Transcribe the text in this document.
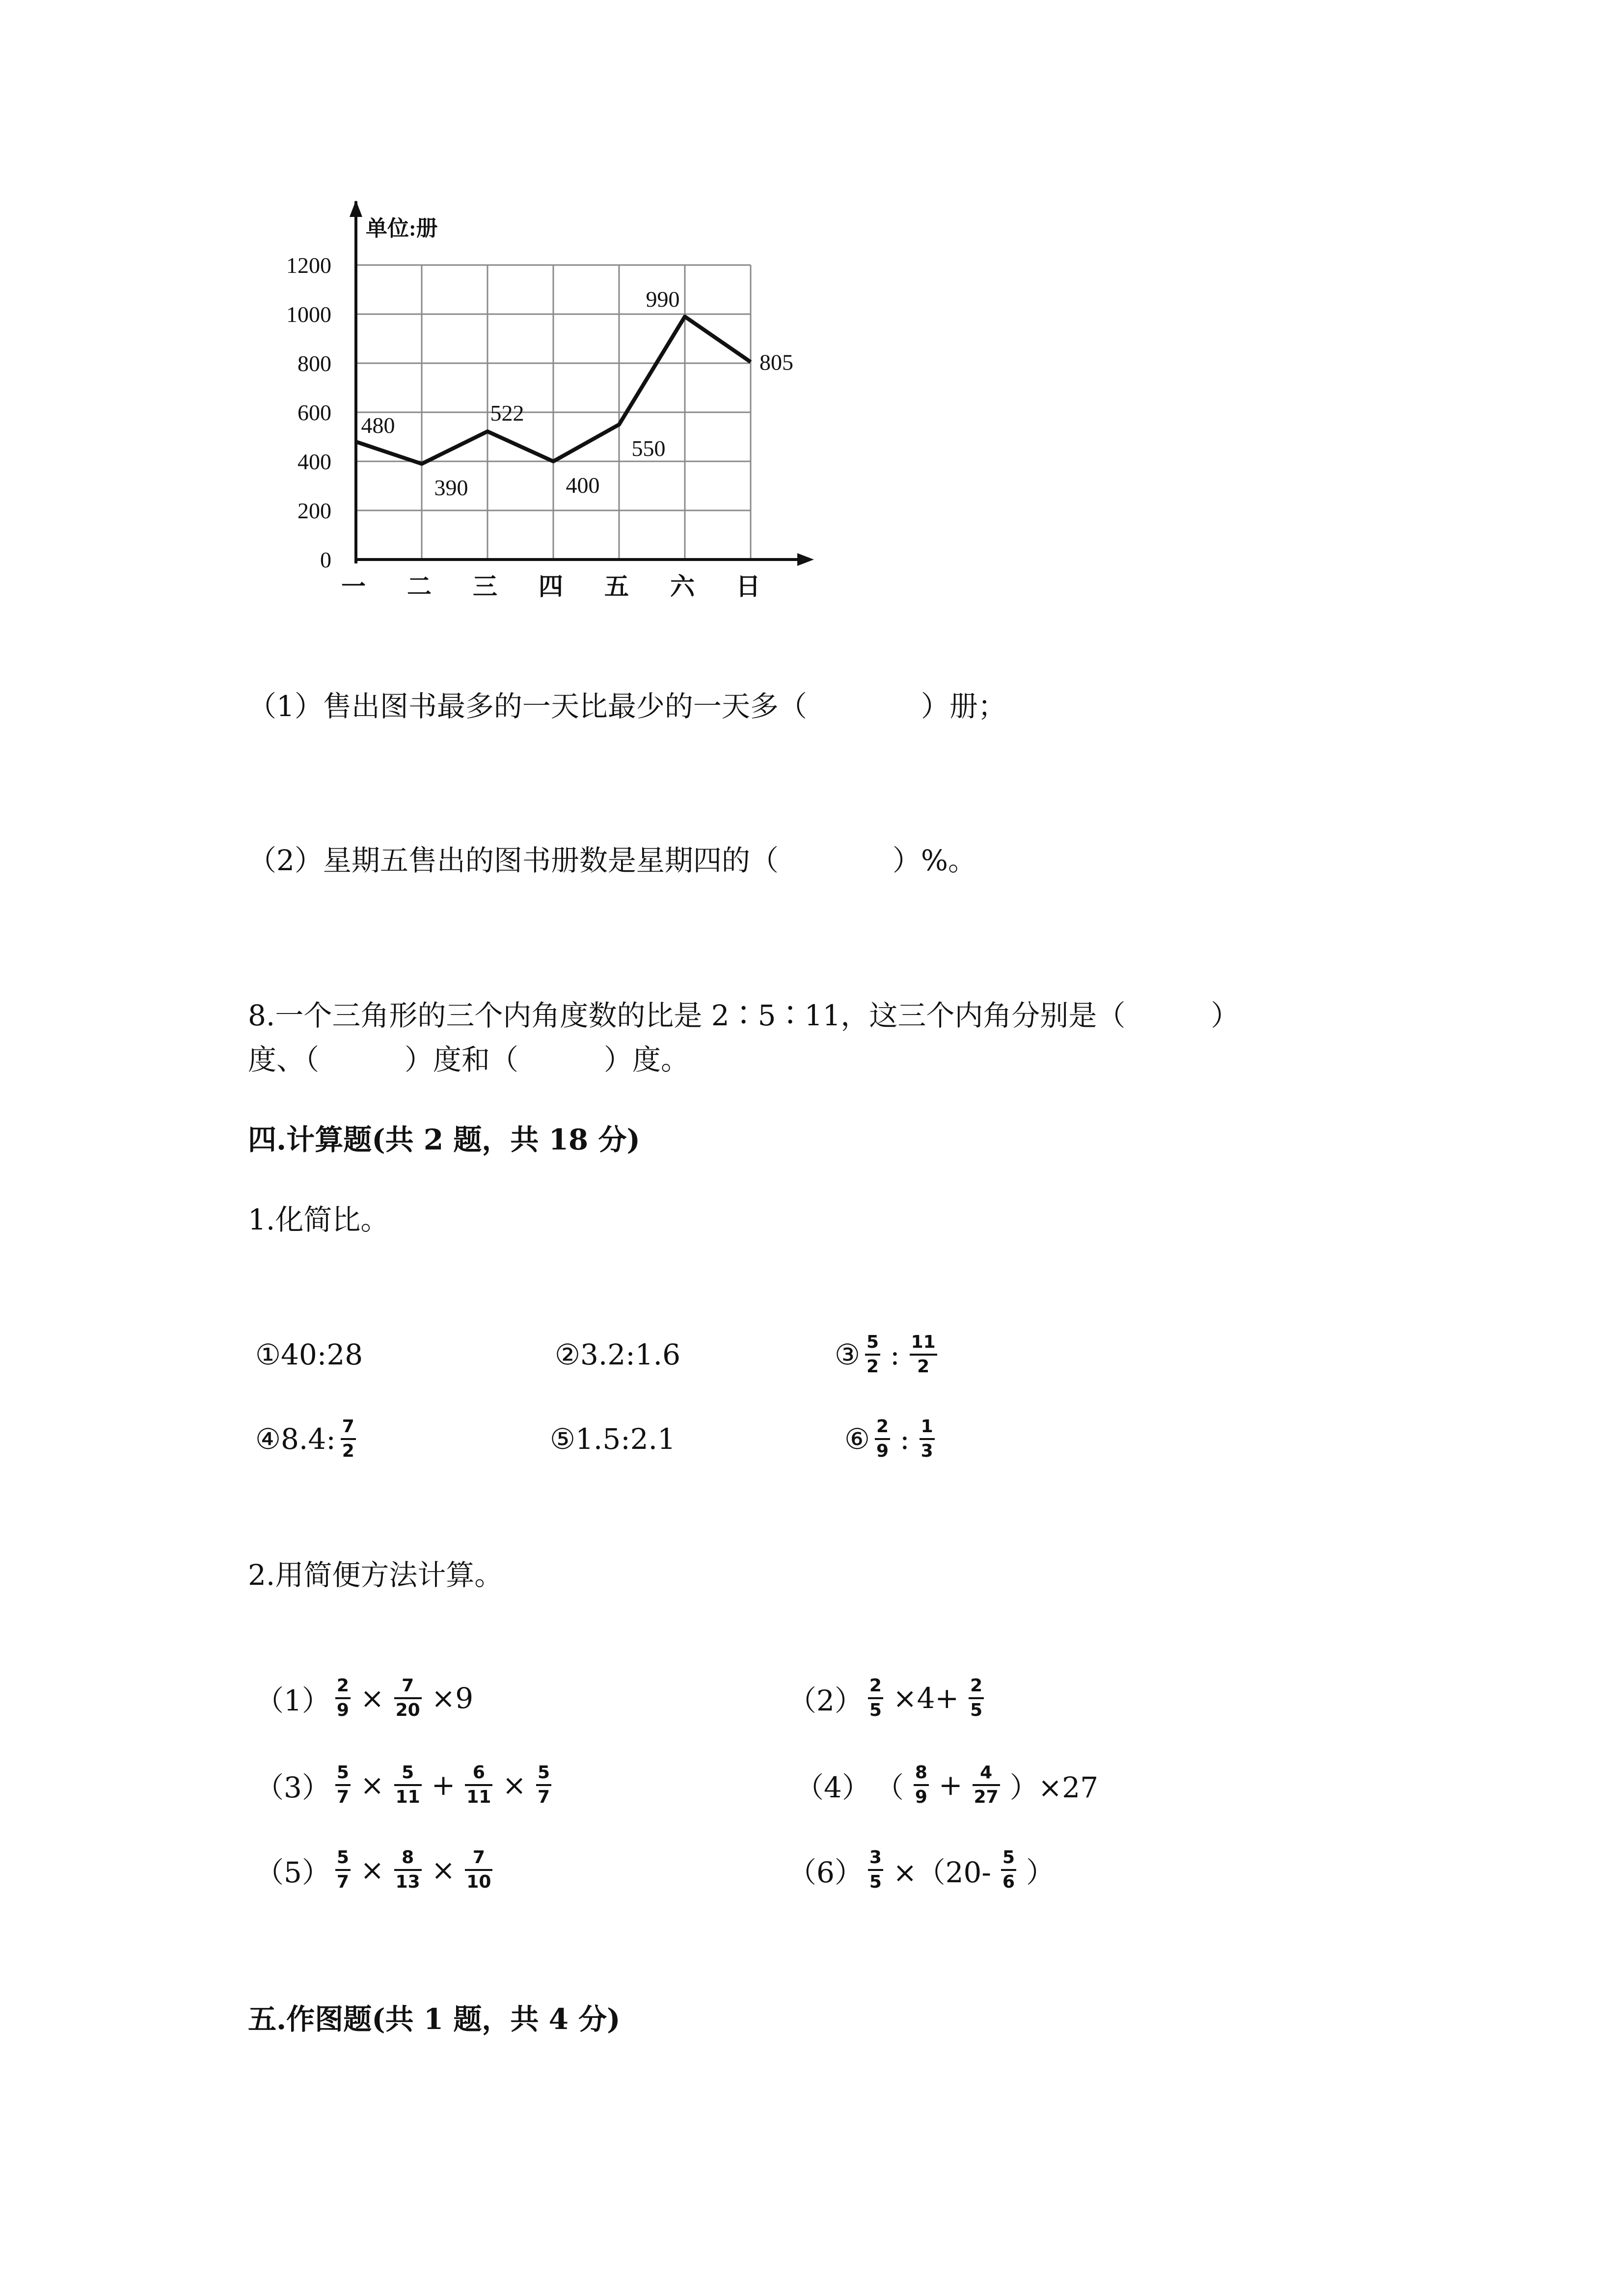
单位:册
0
200
400
600
800
1000
1200
一 二 三 四 五 六 日
480
390
522
400
550
990
805
（1）售出图书最多的一天比最少的一天多（　　　　）册；
（2）星期五售出的图书册数是星期四的（　　　　）%。
8.一个三角形的三个内角度数的比是 2∶5∶11，这三个内角分别是（　　　）
度、（　　　）度和（　　　）度。
四.计算题(共 2 题，共 18 分)
1.化简比。
①40:28	②3.2:1.6	③ $\frac{5}{2}$ : $\frac{11}{2}$
④8.4: $\frac{7}{2}$	⑤1.5:2.1	⑥ $\frac{2}{9}$ : $\frac{1}{3}$
2.用简便方法计算。
$(1) \frac{2}{9} \times \frac{7}{20} \times 9$	$(2) \frac{2}{5} \times 4+ \frac{2}{5}$
$(3) \frac{5}{7} \times \frac{5}{11} + \frac{6}{11} \times \frac{5}{7}$	（4） （ $\frac{8}{9} + \frac{4}{27} )\times 27$
$(5) \frac{5}{7} \times \frac{8}{13} \times \frac{7}{10}$	$(6) \frac{3}{5} \times(20- \frac{5}{6}$ ）
五.作图题(共 1 题，共 4 分)
